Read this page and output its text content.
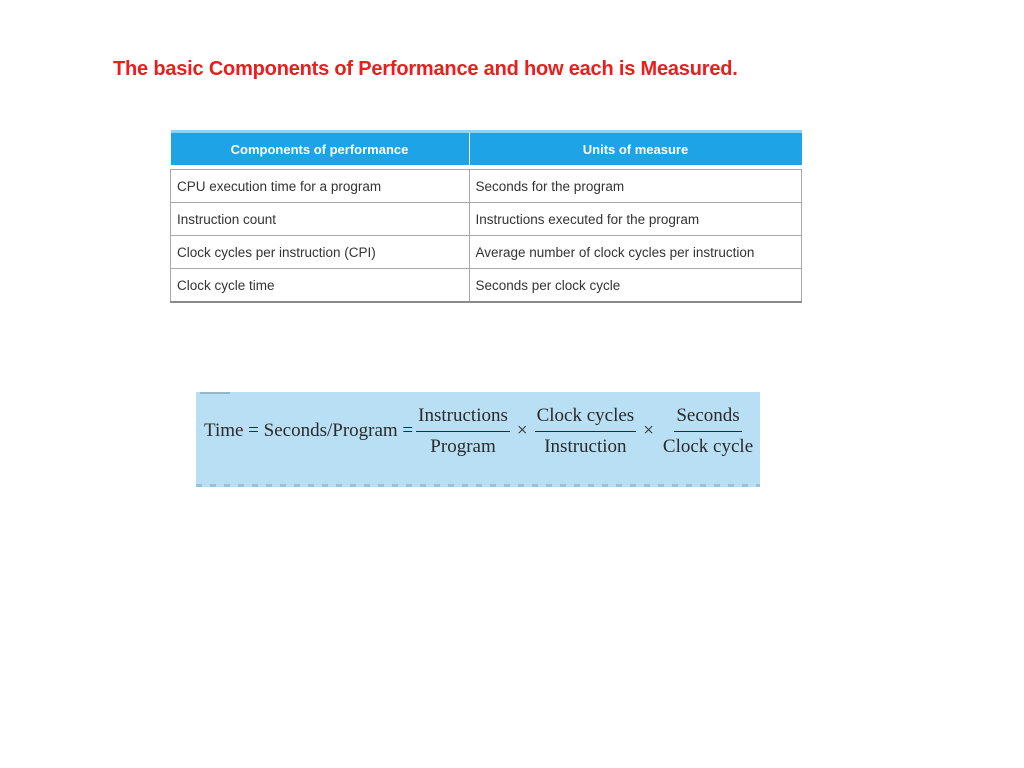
The basic Components of Performance and how each is Measured.
Components of performance	Units of measure

CPU execution time for a program	Seconds for the program
Instruction count	Instructions executed for the program
Clock cycles per instruction (CPI)	Average number of clock cycles per instruction
Clock cycle time	Seconds per clock cycle
Time = Seconds/Program = $\frac{\text{Instructions}}{\text{Program}} \times \frac{\text{Clock cycles}}{\text{Instruction}} \times \frac{\text{Seconds}}{\text{Clock cycle}}$
